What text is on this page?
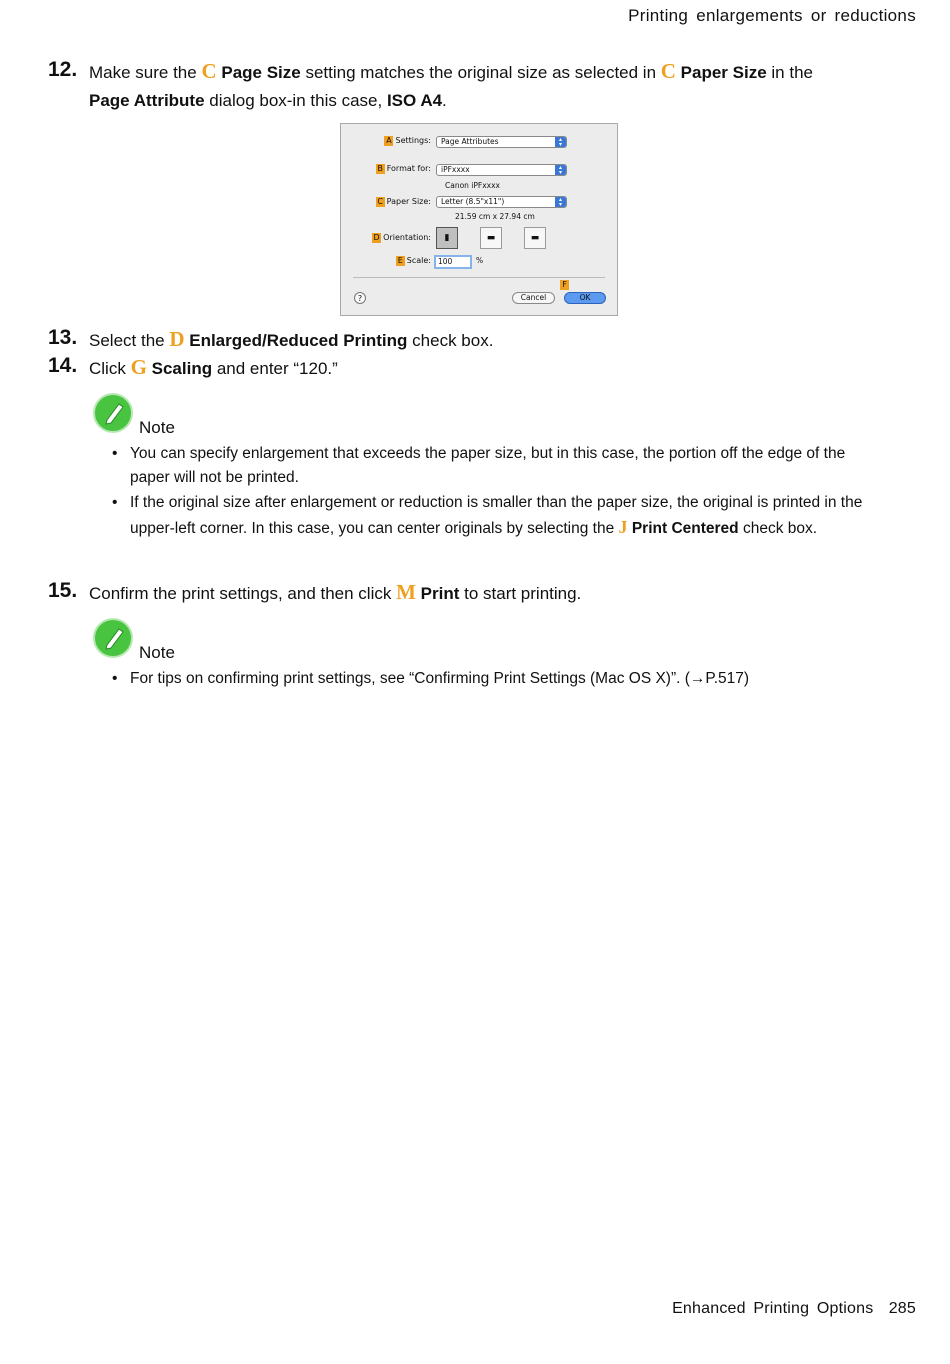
Printing enlargements or reductions
12. Make sure the C Page Size setting matches the original size as selected in C Paper Size in the
Page Attribute dialog box-in this case, ISO A4.
A Settings:	Page Attributes	▴
▾
B Format for:	iPFxxxx	▴
▾
Canon iPFxxxx
C Paper Size:	Letter (8.5"x11")	▴
▾
21.59 cm x 27.94 cm
D Orientation:	▮	▬	▬
E Scale: 100	%
F
?	Cancel	OK
13. Select the D Enlarged/Reduced Printing check box.
14. Click G Scaling and enter “120.”
Note
• You can specify enlargement that exceeds the paper size, but in this case, the portion off the edge of the paper will not be printed.
• If the original size after enlargement or reduction is smaller than the paper size, the original is printed in the upper-left corner. In this case, you can center originals by selecting the J Print Centered check box.
15. Confirm the print settings, and then click M Print to start printing.
Note
• For tips on confirming print settings, see “Confirming Print Settings (Mac OS X)”. (→P.517)
Enhanced Printing Options 285
